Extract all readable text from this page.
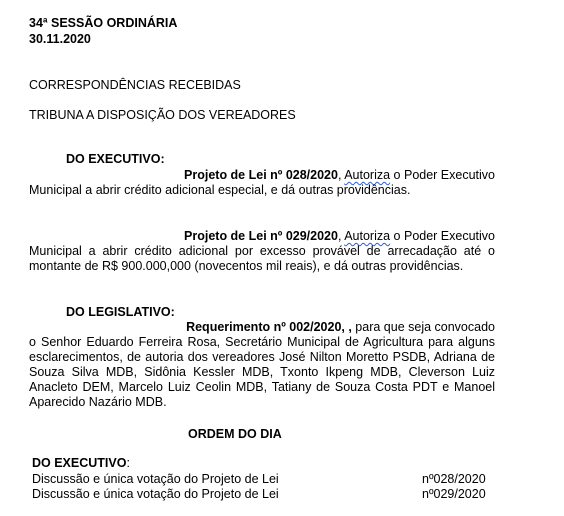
34ª SESSÃO ORDINÁRIA
30.11.2020
CORRESPONDÊNCIAS RECEBIDAS
TRIBUNA A DISPOSIÇÃO DOS VEREADORES
DO EXECUTIVO:
Projeto de Lei nº 028/2020, Autoriza o Poder Executivo
Municipal a abrir crédito adicional especial, e dá outras providências.
Projeto de Lei nº 029/2020, Autoriza o Poder Executivo
Municipal a abrir crédito adicional por excesso provável de arrecadação até o montante de R$ 900.000,000 (novecentos mil reais), e dá outras providências.
DO LEGISLATIVO:
Requerimento nº 002/2020, , para que seja convocado
o Senhor Eduardo Ferreira Rosa, Secretário Municipal de Agricultura para alguns esclarecimentos, de autoria dos vereadores José Nilton Moretto PSDB, Adriana de Souza Silva MDB, Sidônia Kessler MDB, Txonto Ikpeng MDB, Cleverson Luiz Anacleto DEM, Marcelo Luiz Ceolin MDB, Tatiany de Souza Costa PDT e Manoel Aparecido Nazário MDB.
ORDEM DO DIA
DO EXECUTIVO:
Discussão e única votação do Projeto de Lei	nº028/2020
Discussão e única votação do Projeto de Lei	nº029/2020
